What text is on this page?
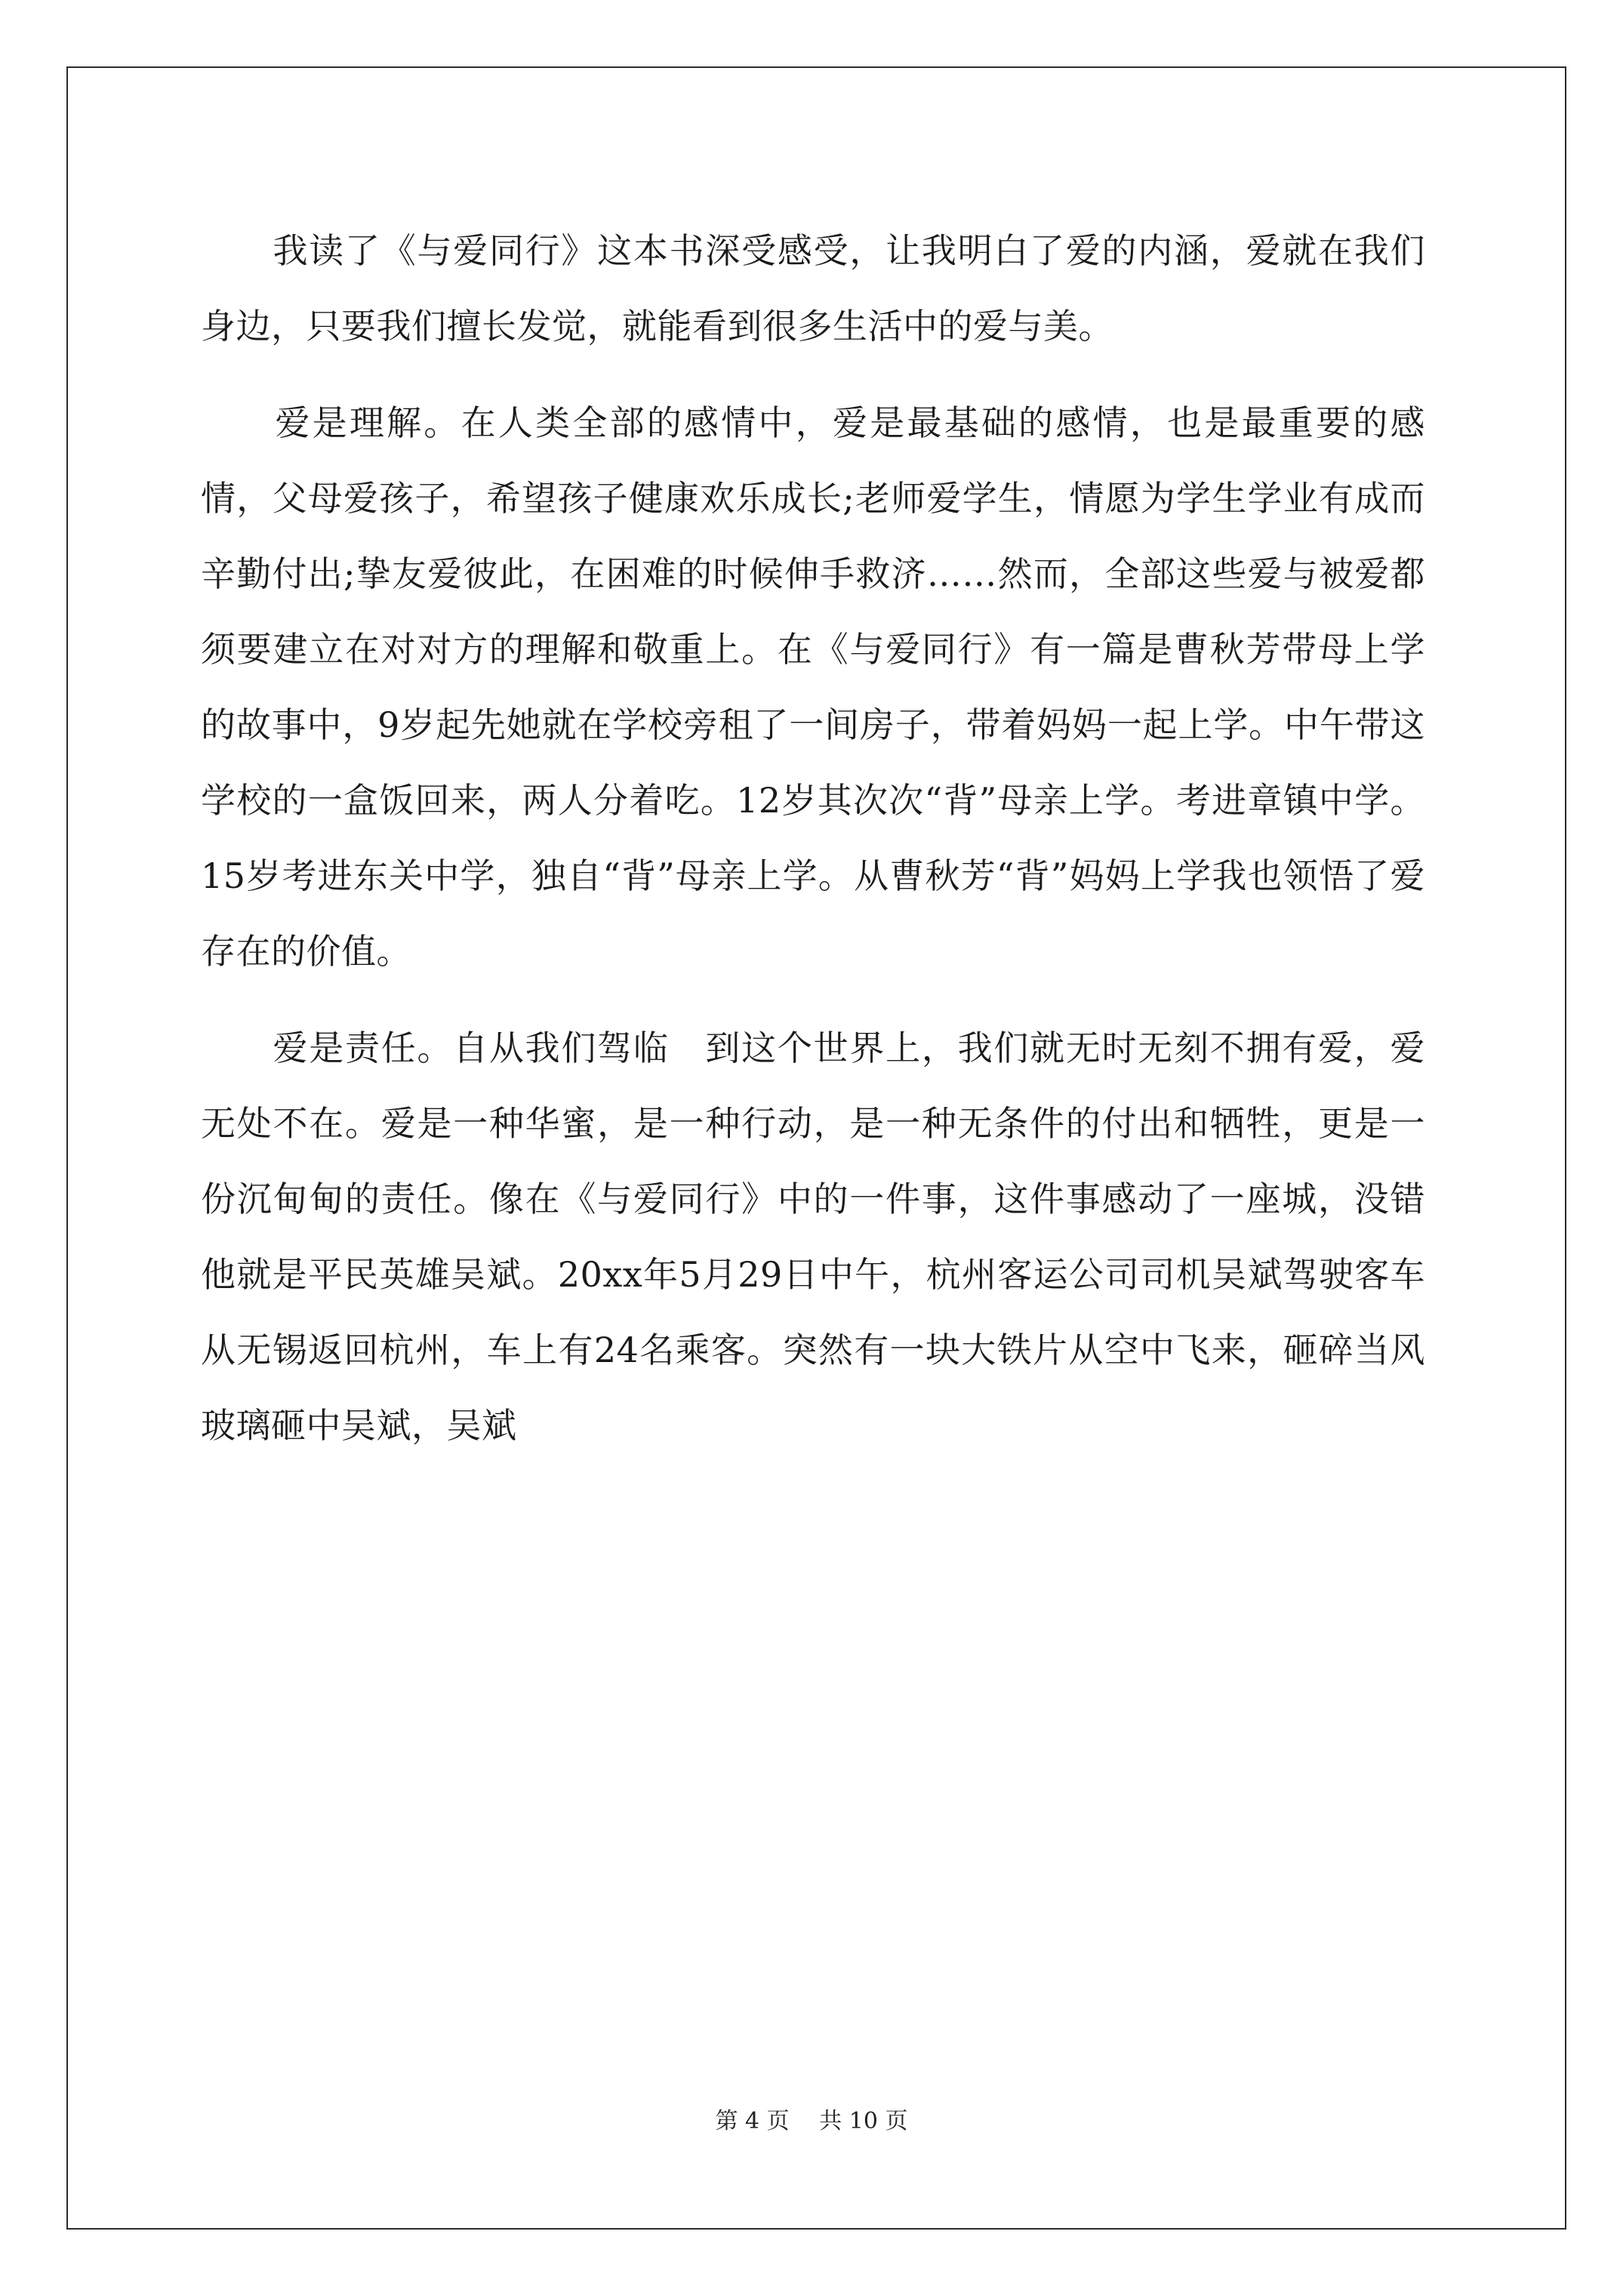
　　我读了《与爱同行》这本书深受感受，让我明白了爱的内涵，爱就在我们身边，只要我们擅长发觉，就能看到很多生活中的爱与美。

　　爱是理解。在人类全部的感情中，爱是最基础的感情，也是最重要的感情，父母爱孩子，希望孩子健康欢乐成长;老师爱学生，情愿为学生学业有成而辛勤付出;挚友爱彼此，在困难的时候伸手救济……然而，全部这些爱与被爱都须要建立在对对方的理解和敬重上。在《与爱同行》有一篇是曹秋芳带母上学的故事中，9岁起先她就在学校旁租了一间房子，带着妈妈一起上学。中午带这学校的一盒饭回来，两人分着吃。12岁其次次“背”母亲上学。考进章镇中学。15岁考进东关中学，独自“背”母亲上学。从曹秋芳“背”妈妈上学我也领悟了爱存在的价值。

　　爱是责任。自从我们驾临　到这个世界上，我们就无时无刻不拥有爱，爱无处不在。爱是一种华蜜，是一种行动，是一种无条件的付出和牺牲，更是一份沉甸甸的责任。像在《与爱同行》中的一件事，这件事感动了一座城，没错他就是平民英雄吴斌。20xx年5月29日中午，杭州客运公司司机吴斌驾驶客车从无锡返回杭州，车上有24名乘客。突然有一块大铁片从空中飞来，砸碎当风玻璃砸中吴斌，吴斌

第 4 页　 共 10 页
